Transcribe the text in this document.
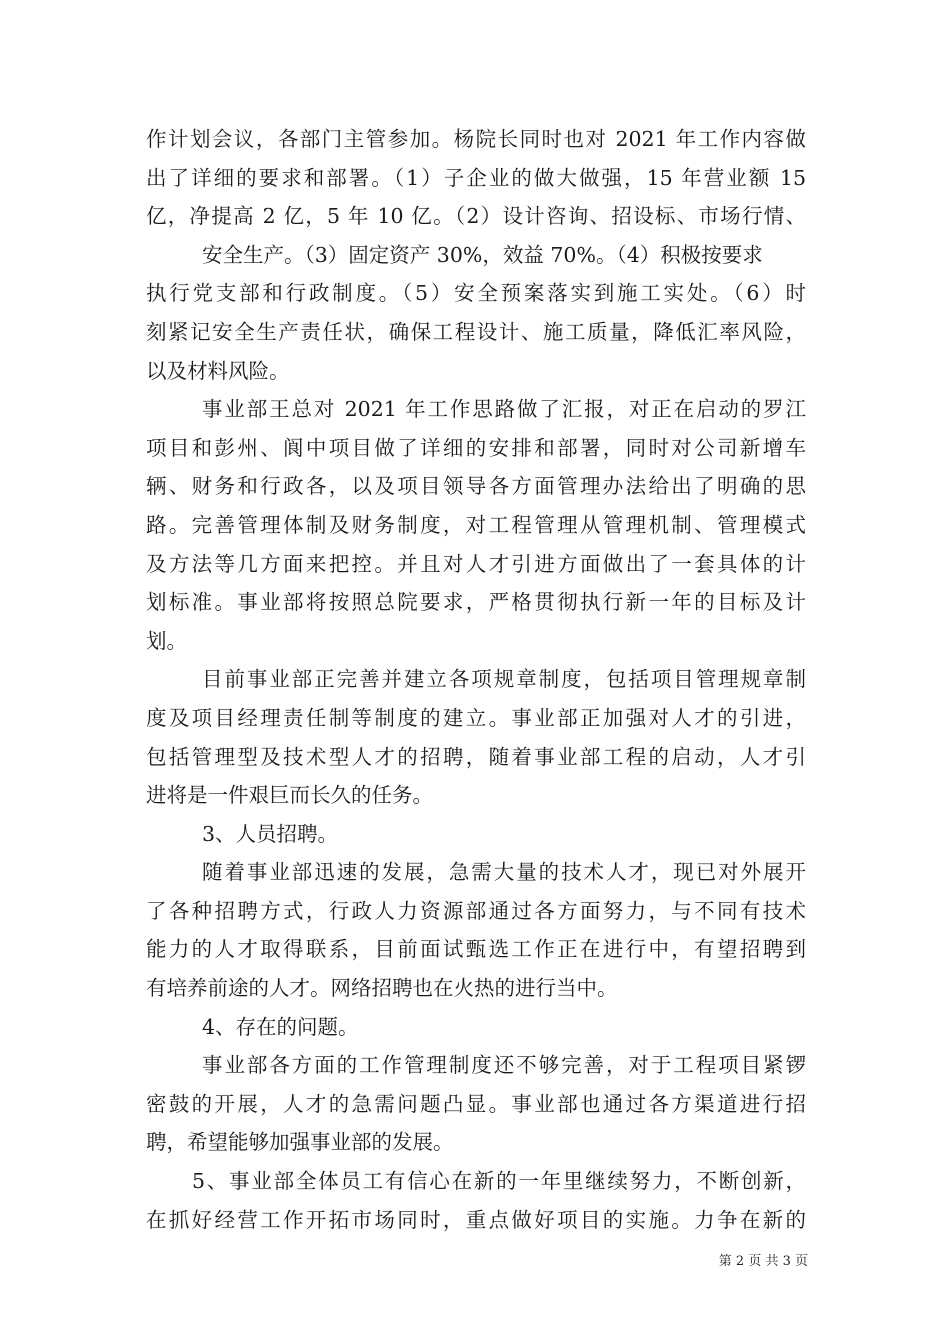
作计划会议，各部门主管参加。杨院长同时也对 2021 年工作内容做
出了详细的要求和部署。（1）子企业的做大做强，15 年营业额 15
亿，净提高 2 亿，5 年 10 亿。（2）设计咨询、招设标、市场行情、
安全生产。（3）固定资产 30%，效益 70%。（4）积极按要求
执行党支部和行政制度。（5）安全预案落实到施工实处。（6）时
刻紧记安全生产责任状，确保工程设计、施工质量，降低汇率风险，
以及材料风险。
事业部王总对 2021 年工作思路做了汇报，对正在启动的罗江
项目和彭州、阆中项目做了详细的安排和部署，同时对公司新增车
辆、财务和行政各，以及项目领导各方面管理办法给出了明确的思
路。完善管理体制及财务制度，对工程管理从管理机制、管理模式
及方法等几方面来把控。并且对人才引进方面做出了一套具体的计
划标准。事业部将按照总院要求，严格贯彻执行新一年的目标及计
划。
目前事业部正完善并建立各项规章制度，包括项目管理规章制
度及项目经理责任制等制度的建立。事业部正加强对人才的引进，
包括管理型及技术型人才的招聘，随着事业部工程的启动，人才引
进将是一件艰巨而长久的任务。
3、人员招聘。
随着事业部迅速的发展，急需大量的技术人才，现已对外展开
了各种招聘方式，行政人力资源部通过各方面努力，与不同有技术
能力的人才取得联系，目前面试甄选工作正在进行中，有望招聘到
有培养前途的人才。网络招聘也在火热的进行当中。
4、存在的问题。
事业部各方面的工作管理制度还不够完善，对于工程项目紧锣
密鼓的开展，人才的急需问题凸显。事业部也通过各方渠道进行招
聘，希望能够加强事业部的发展。
5、事业部全体员工有信心在新的一年里继续努力，不断创新，
在抓好经营工作开拓市场同时，重点做好项目的实施。力争在新的
第 2 页 共 3 页
